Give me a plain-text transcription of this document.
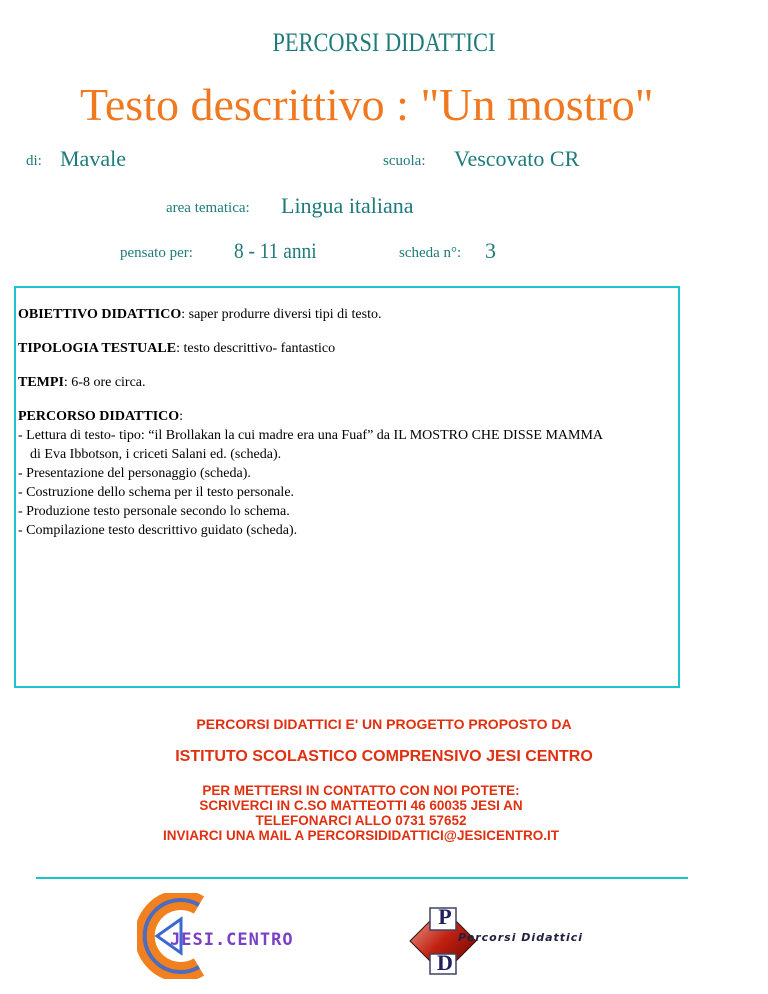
PERCORSI DIDATTICI
Testo descrittivo : "Un mostro"
di: Mavale	scuola: Vescovato CR
area tematica: Lingua italiana
pensato per: 8 - 11 anni	scheda n°: 3

OBIETTIVO DIDATTICO: saper produrre diversi tipi di testo.

TIPOLOGIA TESTUALE: testo descrittivo- fantastico

TEMPI: 6-8 ore circa.

PERCORSO DIDATTICO:

- Lettura di testo- tipo: “il Brollakan la cui madre era una Fuaf” da IL MOSTRO CHE DISSE MAMMA

di Eva Ibbotson, i criceti Salani ed. (scheda).

- Presentazione del personaggio (scheda).

- Costruzione dello schema per il testo personale.

- Produzione testo personale secondo lo schema.

- Compilazione testo descrittivo guidato (scheda).

PERCORSI DIDATTICI E' UN PROGETTO PROPOSTO DA
ISTITUTO SCOLASTICO COMPRENSIVO JESI CENTRO
PER METTERSI IN CONTATTO CON NOI POTETE:
SCRIVERCI IN C.SO MATTEOTTI 46 60035 JESI AN
TELEFONARCI ALLO 0731 57652
INVIARCI UNA MAIL A PERCORSIDIDATTICI@JESICENTRO.IT
JESI.CENTRO
P
D
Percorsi Didattici
